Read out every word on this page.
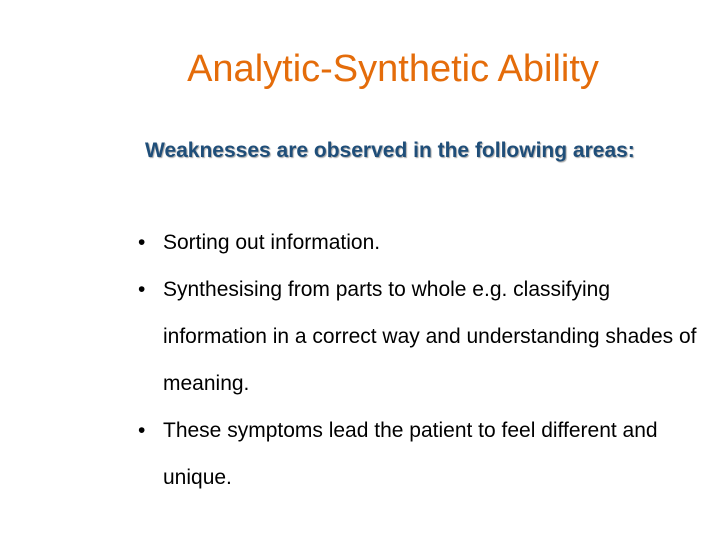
Analytic-Synthetic Ability
Weaknesses are observed in the following areas:
• Sorting out information.
• Synthesising from parts to whole e.g. classifying information in a correct way and understanding shades of meaning.
• These symptoms lead the patient to feel different and unique.
